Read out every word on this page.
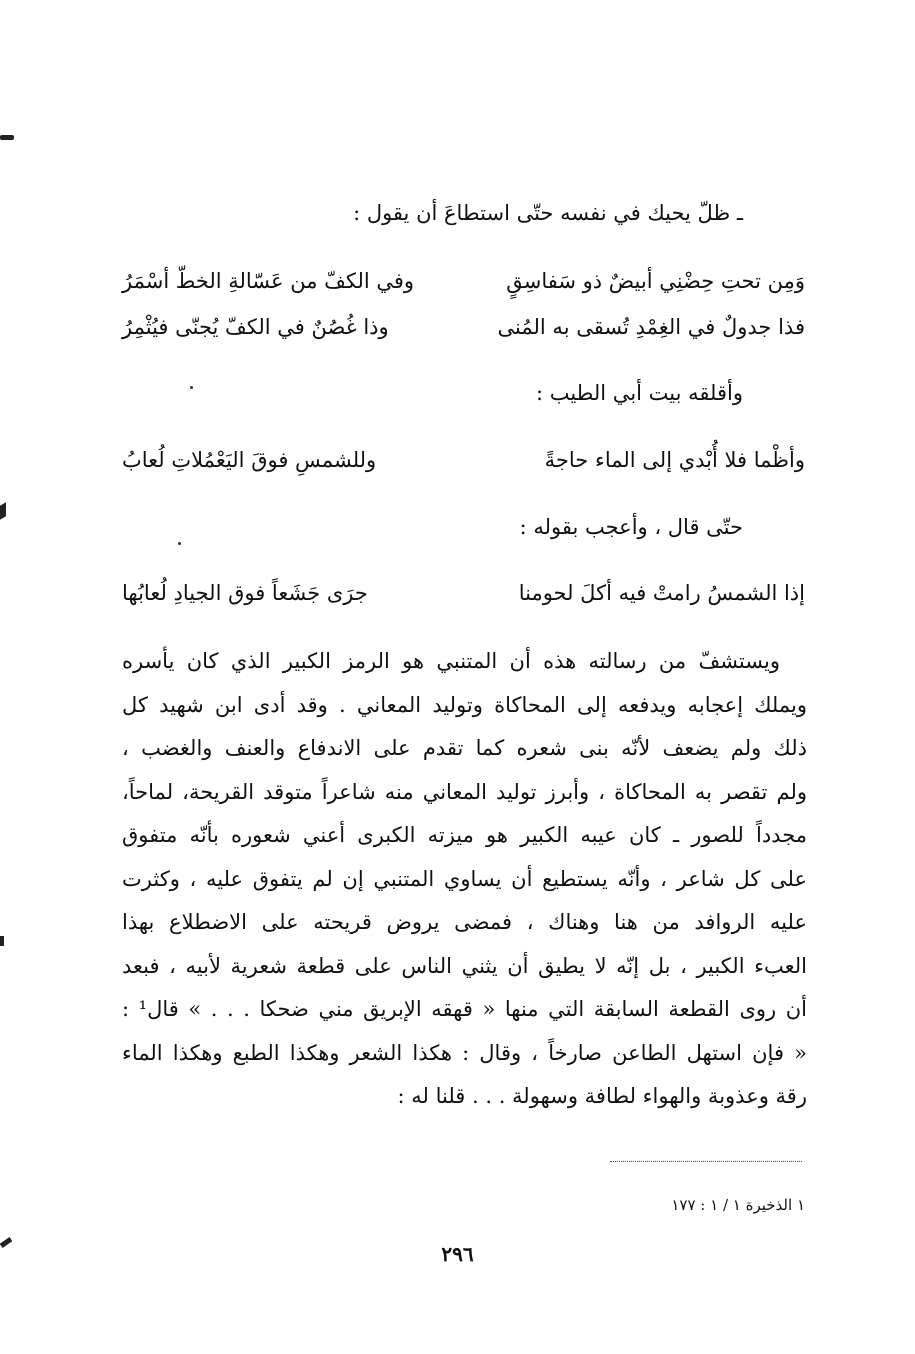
ـ ظلّ يحيك في نفسه حتّى استطاعَ أن يقول :
وَمِن تحتِ حِضْنِي أبيضٌ ذو سَفاسِقٍ
وفي الكفّ من عَسّالةِ الخطّ أسْمَرُ
فذا جدولٌ في الغِمْدِ تُسقى به المُنى
وذا غُصُنٌ في الكفّ يُجنّى فيُثْمِرُ
وأقلقه بيت أبي الطيب :
وأظْما فلا أُبْدي إلى الماء حاجةً
وللشمسِ فوقَ اليَعْمُلاتِ لُعابُ
حتّى قال ، وأعجب بقوله :
إذا الشمسُ رامتْ فيه أكلَ لحومنا
جرَى جَشَعاً فوق الجيادِ لُعابُها
ويستشفّ من رسالته هذه أن المتنبي هو الرمز الكبير الذي كان يأسره
ويملك إعجابه ويدفعه إلى المحاكاة وتوليد المعاني . وقد أدى ابن شهيد كل
ذلك ولم يضعف لأنّه بنى شعره كما تقدم على الاندفاع والعنف والغضب ،
ولم تقصر به المحاكاة ، وأبرز توليد المعاني منه شاعراً متوقد القريحة، لماحاً،
مجدداً للصور ـ كان عيبه الكبير هو ميزته الكبرى أعني شعوره بأنّه متفوق
على كل شاعر ، وأنّه يستطيع أن يساوي المتنبي إن لم يتفوق عليه ، وكثرت
عليه الروافد من هنا وهناك ، فمضى يروض قريحته على الاضطلاع بهذا
العبء الكبير ، بل إنّه لا يطيق أن يثني الناس على قطعة شعرية لأبيه ، فبعد
أن روى القطعة السابقة التي منها « قهقه الإبريق مني ضحكا . . . » قال¹ :
« فإن استهل الطاعن صارخاً ، وقال : هكذا الشعر وهكذا الطبع وهكذا الماء
رقة وعذوبة والهواء لطافة وسهولة . . . قلنا له :
١ الذخيرة ١ / ١ : ١٧٧
٢٩٦
